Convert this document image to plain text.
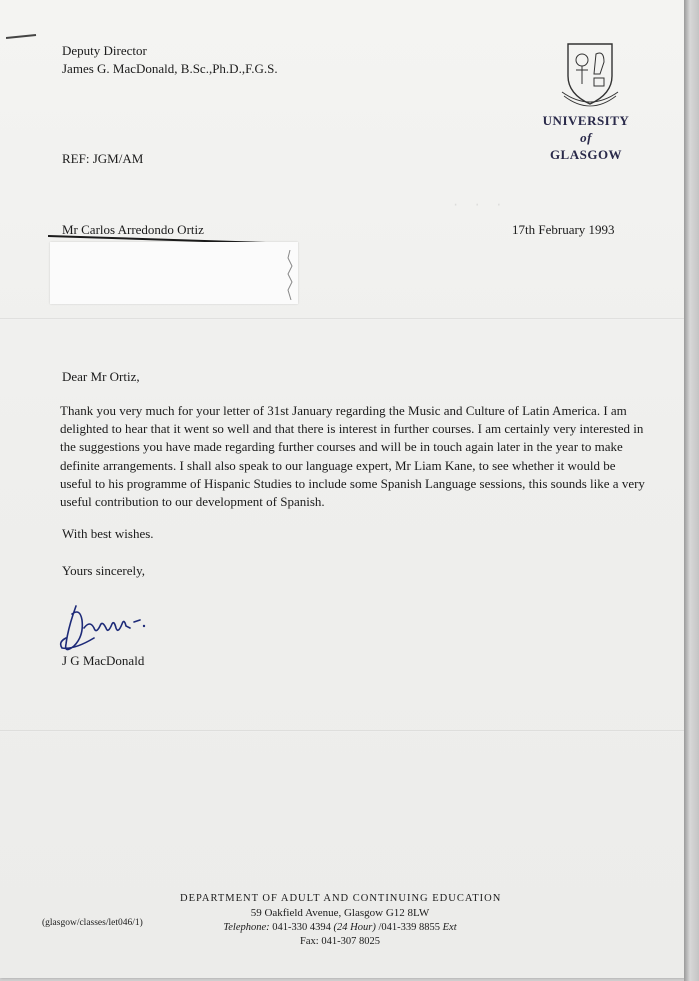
·  ·  ·
Deputy Director
James G. MacDonald, B.Sc.,Ph.D.,F.G.S.
UNIVERSITY
of
GLASGOW
REF: JGM/AM
Mr Carlos Arredondo Ortiz	17th February 1993
Dear Mr Ortiz,
Thank you very much for your letter of 31st January regarding the Music and Culture of Latin America. I am delighted to hear that it went so well and that there is interest in further courses. I am certainly very interested in the suggestions you have made regarding further courses and will be in touch again later in the year to make definite arrangements. I shall also speak to our language expert, Mr Liam Kane, to see whether it would be useful to his programme of Hispanic Studies to include some Spanish Language sessions, this sounds like a very useful contribution to our development of Spanish.
With best wishes.
Yours sincerely,
J G MacDonald
DEPARTMENT OF ADULT AND CONTINUING EDUCATION
59 Oakfield Avenue, Glasgow G12 8LW
Telephone: 041-330 4394 (24 Hour) /041-339 8855 Ext
Fax: 041-307 8025
(glasgow/classes/let046/1)
